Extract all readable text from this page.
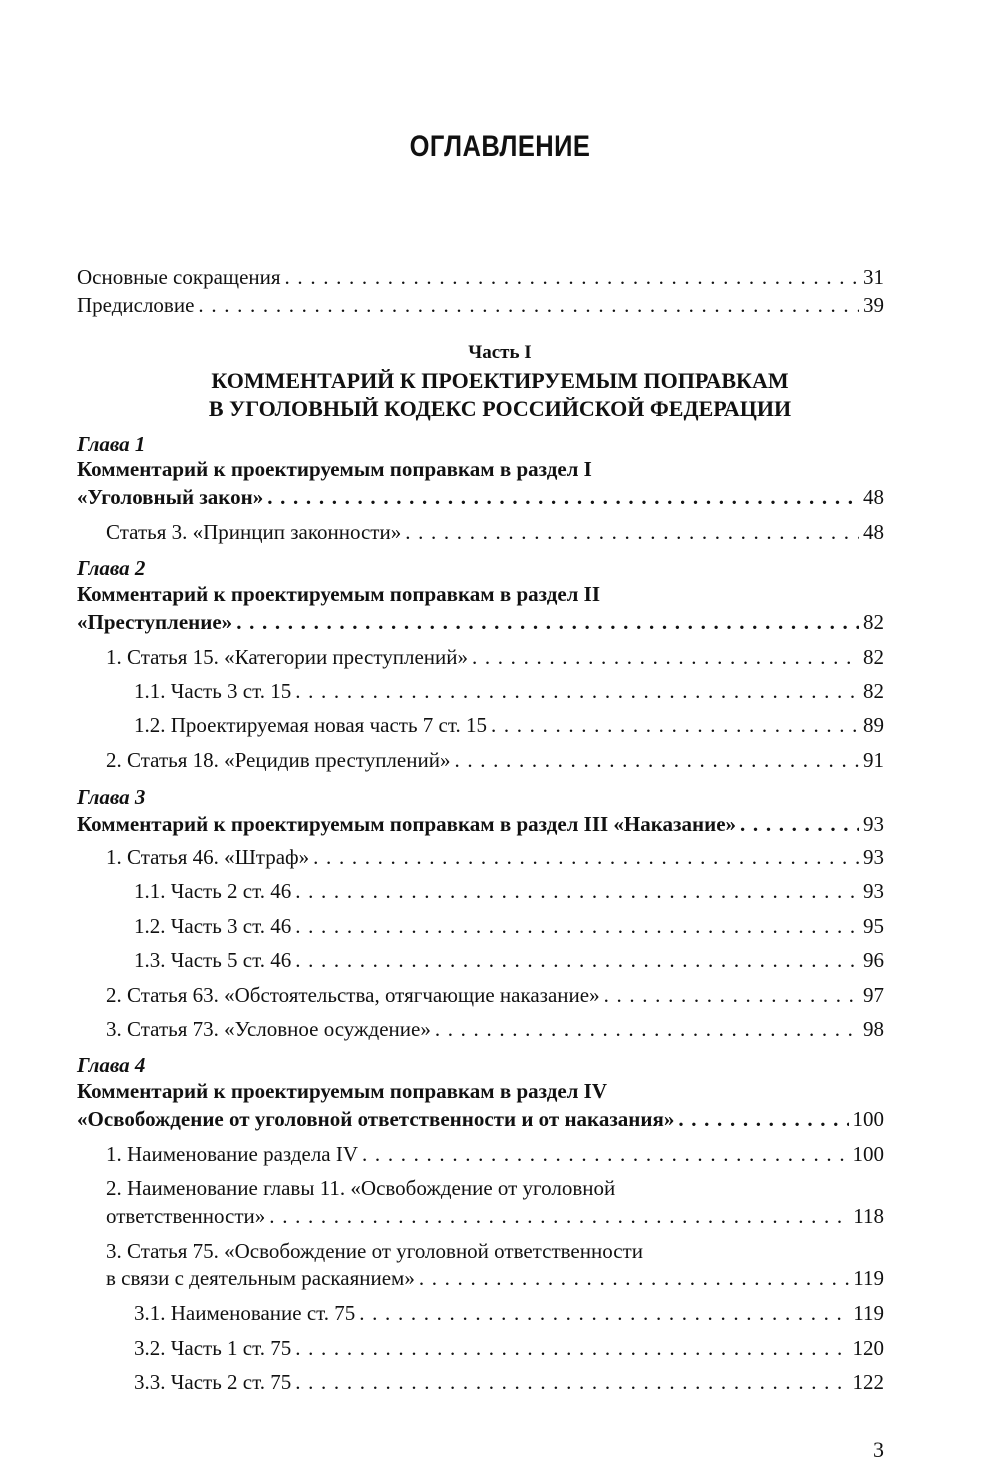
ОГЛАВЛЕНИЕ
Основные сокращения . . .	31
Предисловие . . .	39
Часть I
КОММЕНТАРИЙ К ПРОЕКТИРУЕМЫМ ПОПРАВКАМ
В УГОЛОВНЫЙ КОДЕКС РОССИЙСКОЙ ФЕДЕРАЦИИ
Глава 1
Комментарий к проектируемым поправкам в раздел I
«Уголовный закон» . . .	48
Статья 3. «Принцип законности» . . .	48
Глава 2
Комментарий к проектируемым поправкам в раздел II
«Преступление» . . .	82
1. Статья 15. «Категории преступлений» . . .	82
1.1. Часть 3 ст. 15 . . .	82
1.2. Проектируемая новая часть 7 ст. 15 . . .	89
2. Статья 18. «Рецидив преступлений» . . .	91
Глава 3
Комментарий к проектируемым поправкам в раздел III «Наказание» . . .	93
1. Статья 46. «Штраф» . . .	93
1.1. Часть 2 ст. 46 . . .	93
1.2. Часть 3 ст. 46 . . .	95
1.3. Часть 5 ст. 46 . . .	96
2. Статья 63. «Обстоятельства, отягчающие наказание» . . .	97
3. Статья 73. «Условное осуждение» . . .	98
Глава 4
Комментарий к проектируемым поправкам в раздел IV
«Освобождение от уголовной ответственности и от наказания» . . .	100
1. Наименование раздела IV . . .	100
2. Наименование главы 11. «Освобождение от уголовной
ответственности» . . .	118
3. Статья 75. «Освобождение от уголовной ответственности
в связи с деятельным раскаянием» . . .	119
3.1. Наименование ст. 75 . . .	119
3.2. Часть 1 ст. 75 . . .	120
3.3. Часть 2 ст. 75 . . .	122
3
